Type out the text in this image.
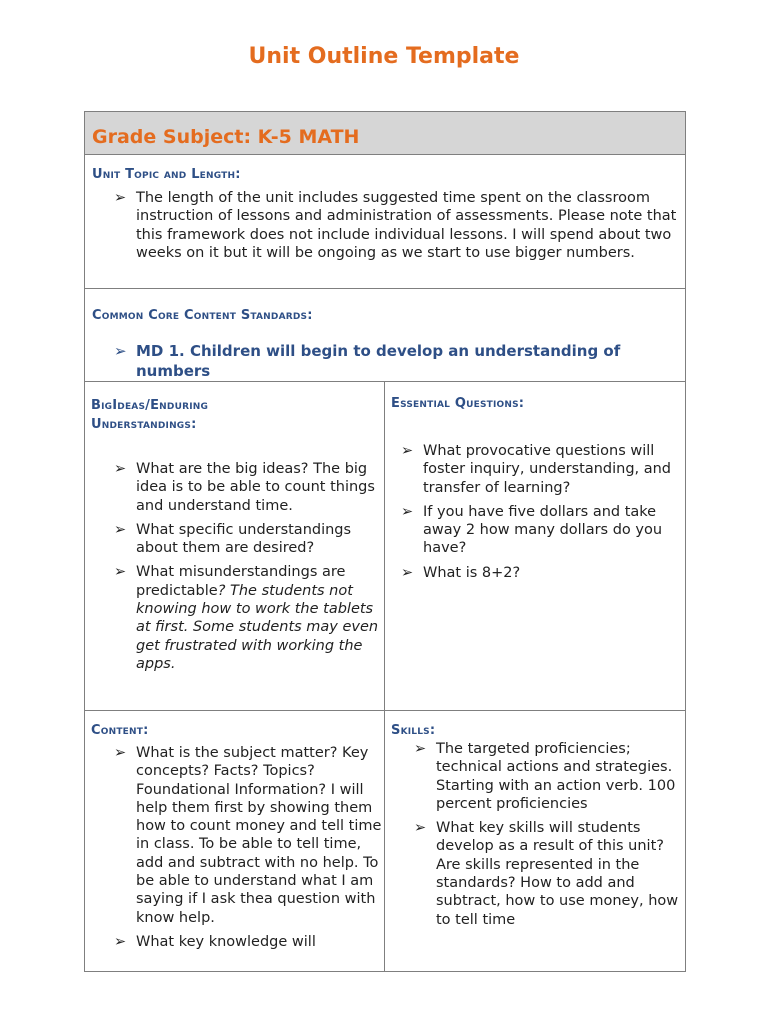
Unit Outline Template
Grade Subject: K-5 MATH
Unit Topic and Length:
➢ The length of the unit includes suggested time spent on the classroom instruction of lessons and administration of assessments. Please note that this framework does not include individual lessons. I will spend about two weeks on it but it will be ongoing as we start to use bigger numbers.
Common Core Content Standards:
➢ MD 1. Children will begin to develop an understanding of numbers
BigIdeas/Enduring
Understandings:
➢ What are the big ideas? The big idea is to be able to count things and understand time.
➢ What specific understandings about them are desired?
➢ What misunderstandings are predictable? The students not knowing how to work the tablets at first. Some students may even get frustrated with working the apps.
Essential Questions:
➢ What provocative questions will foster inquiry, understanding, and transfer of learning?
➢ If you have five dollars and take away 2 how many dollars do you have?
➢ What is 8+2?
Content:
➢ What is the subject matter? Key concepts? Facts? Topics? Foundational Information? I will help them first by showing them how to count money and tell time in class. To be able to tell time, add and subtract with no help. To be able to understand what I am saying if I ask thea question with know help.
➢ What key knowledge will
Skills:
➢ The targeted proficiencies; technical actions and strategies. Starting with an action verb. 100 percent proficiencies
➢ What key skills will students develop as a result of this unit? Are skills represented in the standards? How to add and subtract, how to use money, how to tell time
